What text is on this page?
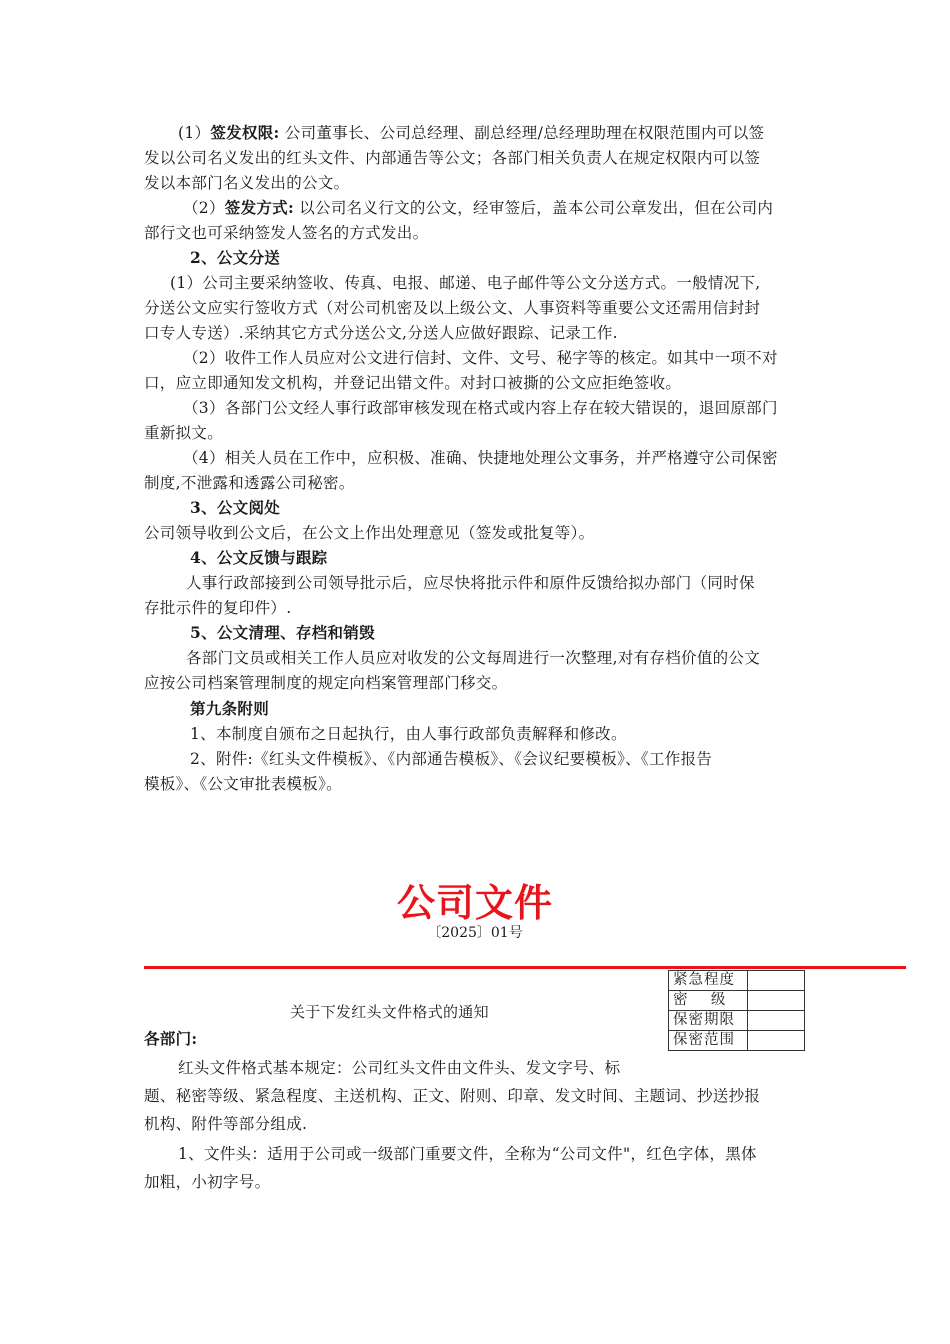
(1）签发权限: 公司董事长、公司总经理、副总经理/总经理助理在权限范围内可以签
发以公司名义发出的红头文件、内部通告等公文；各部门相关负责人在规定权限内可以签
发以本部门名义发出的公文。
（2）签发方式: 以公司名义行文的公文，经审签后，盖本公司公章发出，但在公司内
部行文也可采纳签发人签名的方式发出。
2、公文分送
(1）公司主要采纳签收、传真、电报、邮递、电子邮件等公文分送方式。一般情况下,
分送公文应实行签收方式（对公司机密及以上级公文、人事资料等重要公文还需用信封封
口专人专送）.采纳其它方式分送公文,分送人应做好跟踪、记录工作.
（2）收件工作人员应对公文进行信封、文件、文号、秘字等的核定。如其中一项不对
口，应立即通知发文机构，并登记出错文件。对封口被撕的公文应拒绝签收。
（3）各部门公文经人事行政部审核发现在格式或内容上存在较大错误的，退回原部门
重新拟文。
（4）相关人员在工作中，应积极、准确、快捷地处理公文事务，并严格遵守公司保密
制度,不泄露和透露公司秘密。
3、公文阅处
公司领导收到公文后，在公文上作出处理意见（签发或批复等）。
4、公文反馈与跟踪
人事行政部接到公司领导批示后，应尽快将批示件和原件反馈给拟办部门（同时保
存批示件的复印件）.
5、公文清理、存档和销毁
各部门文员或相关工作人员应对收发的公文每周进行一次整理,对有存档价值的公文
应按公司档案管理制度的规定向档案管理部门移交。
第九条附则
1、本制度自颁布之日起执行，由人事行政部负责解释和修改。
2、附件:《红头文件模板》、《内部通告模板》、《会议纪要模板》、《工作报告
模板》、《公文审批表模板》。
公司文件
〔2025〕01号
紧急程度	
密    级	
保密期限	
保密范围	
关于下发红头文件格式的通知
各部门:
红头文件格式基本规定：公司红头文件由文件头、发文字号、标
题、秘密等级、紧急程度、主送机构、正文、附则、印章、发文时间、主题词、抄送抄报
机构、附件等部分组成.
1、文件头：适用于公司或一级部门重要文件，全称为“公司文件"，红色字体，黑体
加粗，小初字号。
